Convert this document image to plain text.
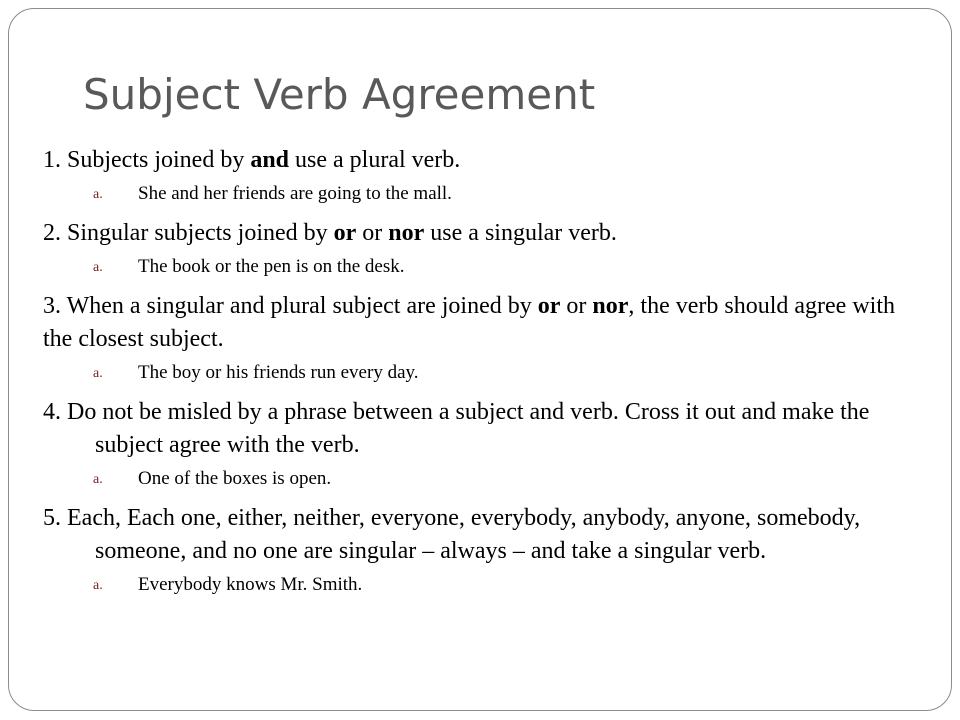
Subject Verb Agreement

1. Subjects joined by and use a plural verb.

a. She and her friends are going to the mall.

2. Singular subjects joined by or or nor use a singular verb.

a. The book or the pen is on the desk.

3. When a singular and plural subject are joined by or or nor, the verb should agree with the closest subject.

a. The boy or his friends run every day.

4. Do not be misled by a phrase between a subject and verb. Cross it out and make the subject agree with the verb.

a. One of the boxes is open.

5. Each, Each one, either, neither, everyone, everybody, anybody, anyone, somebody, someone, and no one are singular – always – and take a singular verb.

a. Everybody knows Mr. Smith.
